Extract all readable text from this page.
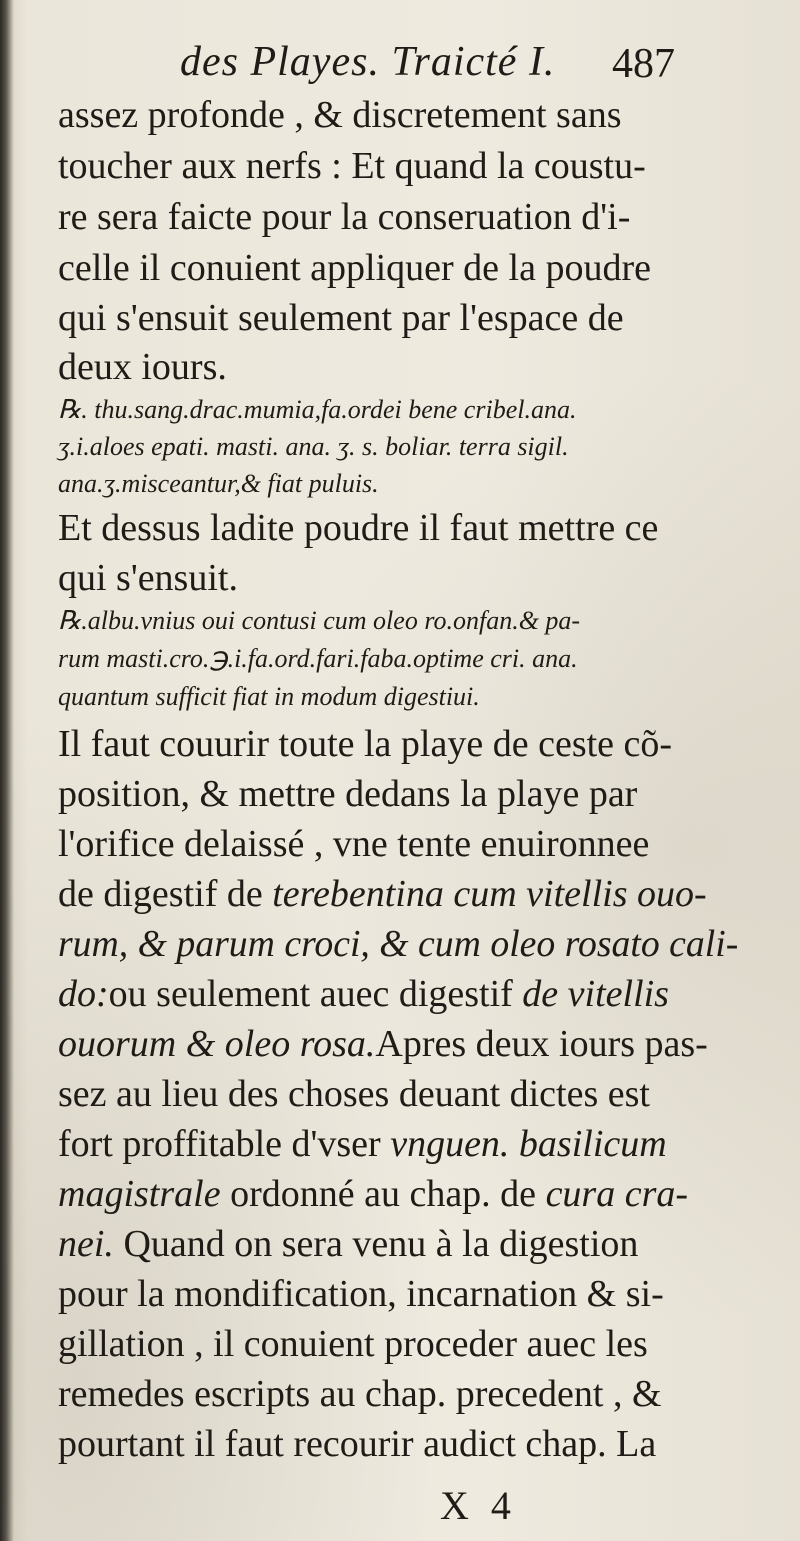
des Playes. Traicté I. 487
assez profonde , & discretement sans
toucher aux nerfs : Et quand la coustu-
re sera faicte pour la conseruation d'i-
celle il conuient appliquer de la poudre
qui s'ensuit seulement par l'espace de
deux iours.
℞. thu.sang.drac.mumia,fa.ordei bene cribel.ana.
ʒ.i.aloes epati. masti. ana. ʒ. s. boliar. terra sigil.
ana.ʒ.misceantur,& fiat puluis.
Et dessus ladite poudre il faut mettre ce
qui s'ensuit.
℞.albu.vnius oui contusi cum oleo ro.onfan.& pa-
rum masti.cro.℈.i.fa.ord.fari.faba.optime cri. ana.
quantum sufficit fiat in modum digestiui.
Il faut couurir toute la playe de ceste cõ-
position, & mettre dedans la playe par
l'orifice delaissé , vne tente enuironnee
de digestif de terebentina cum vitellis ouo-
rum, & parum croci, & cum oleo rosato cali-
do:ou seulement auec digestif de vitellis
ouorum & oleo rosa.Apres deux iours pas-
sez au lieu des choses deuant dictes est
fort proffitable d'vser vnguen. basilicum
magistrale ordonné au chap. de cura cra-
nei. Quand on sera venu à la digestion
pour la mondification, incarnation & si-
gillation , il conuient proceder auec les
remedes escripts au chap. precedent , &
pourtant il faut recourir audict chap. La
X 4
